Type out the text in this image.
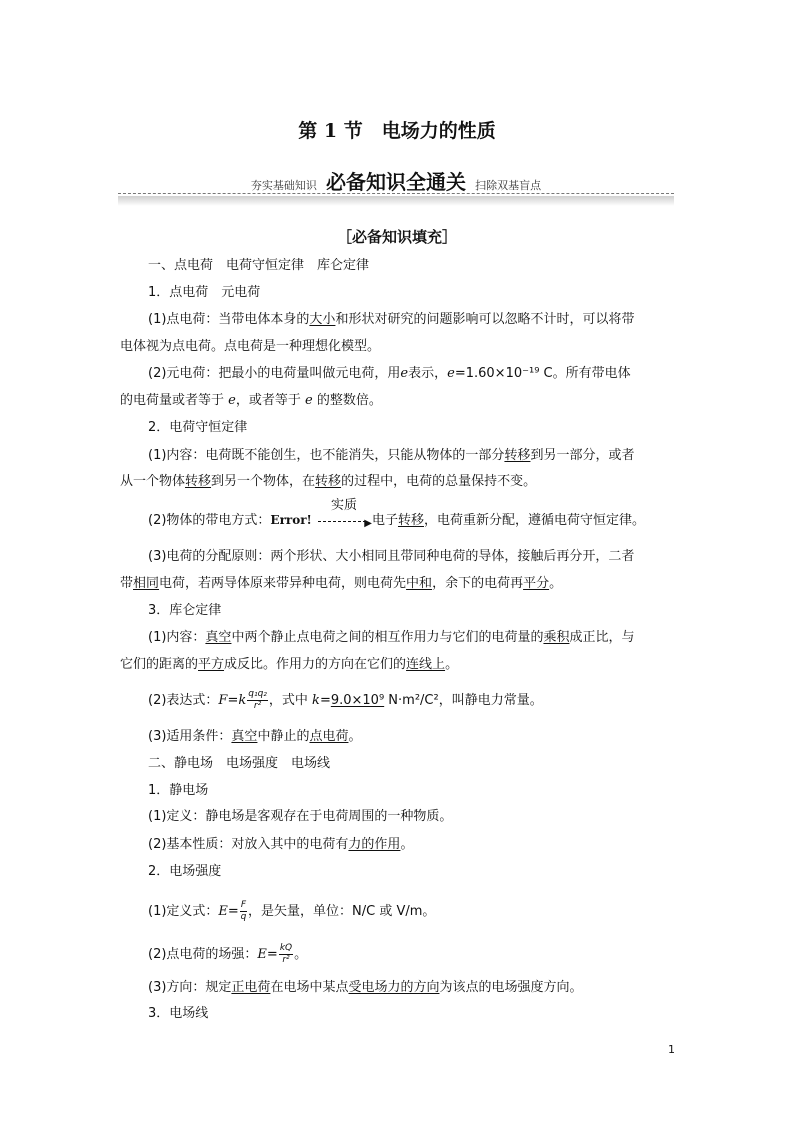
第 1 节　电场力的性质
夯实基础知识 必备知识全通关 扫除双基盲点
［必备知识填充］
一、点电荷　电荷守恒定律　库仑定律
1．点电荷　元电荷
(1)点电荷：当带电体本身的大小和形状对研究的问题影响可以忽略不计时，可以将带
电体视为点电荷。点电荷是一种理想化模型。
(2)元电荷：把最小的电荷量叫做元电荷，用e表示，e=1.60×10⁻¹⁹ C。所有带电体
的电荷量或者等于 e，或者等于 e 的整数倍。
2．电荷守恒定律
(1)内容：电荷既不能创生，也不能消失，只能从物体的一部分转移到另一部分，或者
从一个物体转移到另一个物体，在转移的过程中，电荷的总量保持不变。
(2)物体的带电方式：Error!
实质
▶ 电子转移，电荷重新分配，遵循电荷守恒定律。
(3)电荷的分配原则：两个形状、大小相同且带同种电荷的导体，接触后再分开，二者
带相同电荷，若两导体原来带异种电荷，则电荷先中和，余下的电荷再平分。
3．库仑定律
(1)内容：真空中两个静止点电荷之间的相互作用力与它们的电荷量的乘积成正比，与
它们的距离的平方成反比。作用力的方向在它们的连线上。
(2)表达式：$F=k \frac{\text{q₁q₂}}{\text{r²}}$ ，式中 k=9.0×10⁹ N·m²/C²，叫静电力常量。
(3)适用条件：真空中静止的点电荷。
二、静电场　电场强度　电场线
1．静电场
(1)定义：静电场是客观存在于电荷周围的一种物质。
(2)基本性质：对放入其中的电荷有力的作用。
2．电场强度
(1)定义式：$E= \frac{F}{q}$ ，是矢量，单位：N/C 或 V/m。
(2)点电荷的场强：$E= \frac{kQ}{\text{r²}}$ 。
(3)方向：规定正电荷在电场中某点受电场力的方向为该点的电场强度方向。
3．电场线
1
